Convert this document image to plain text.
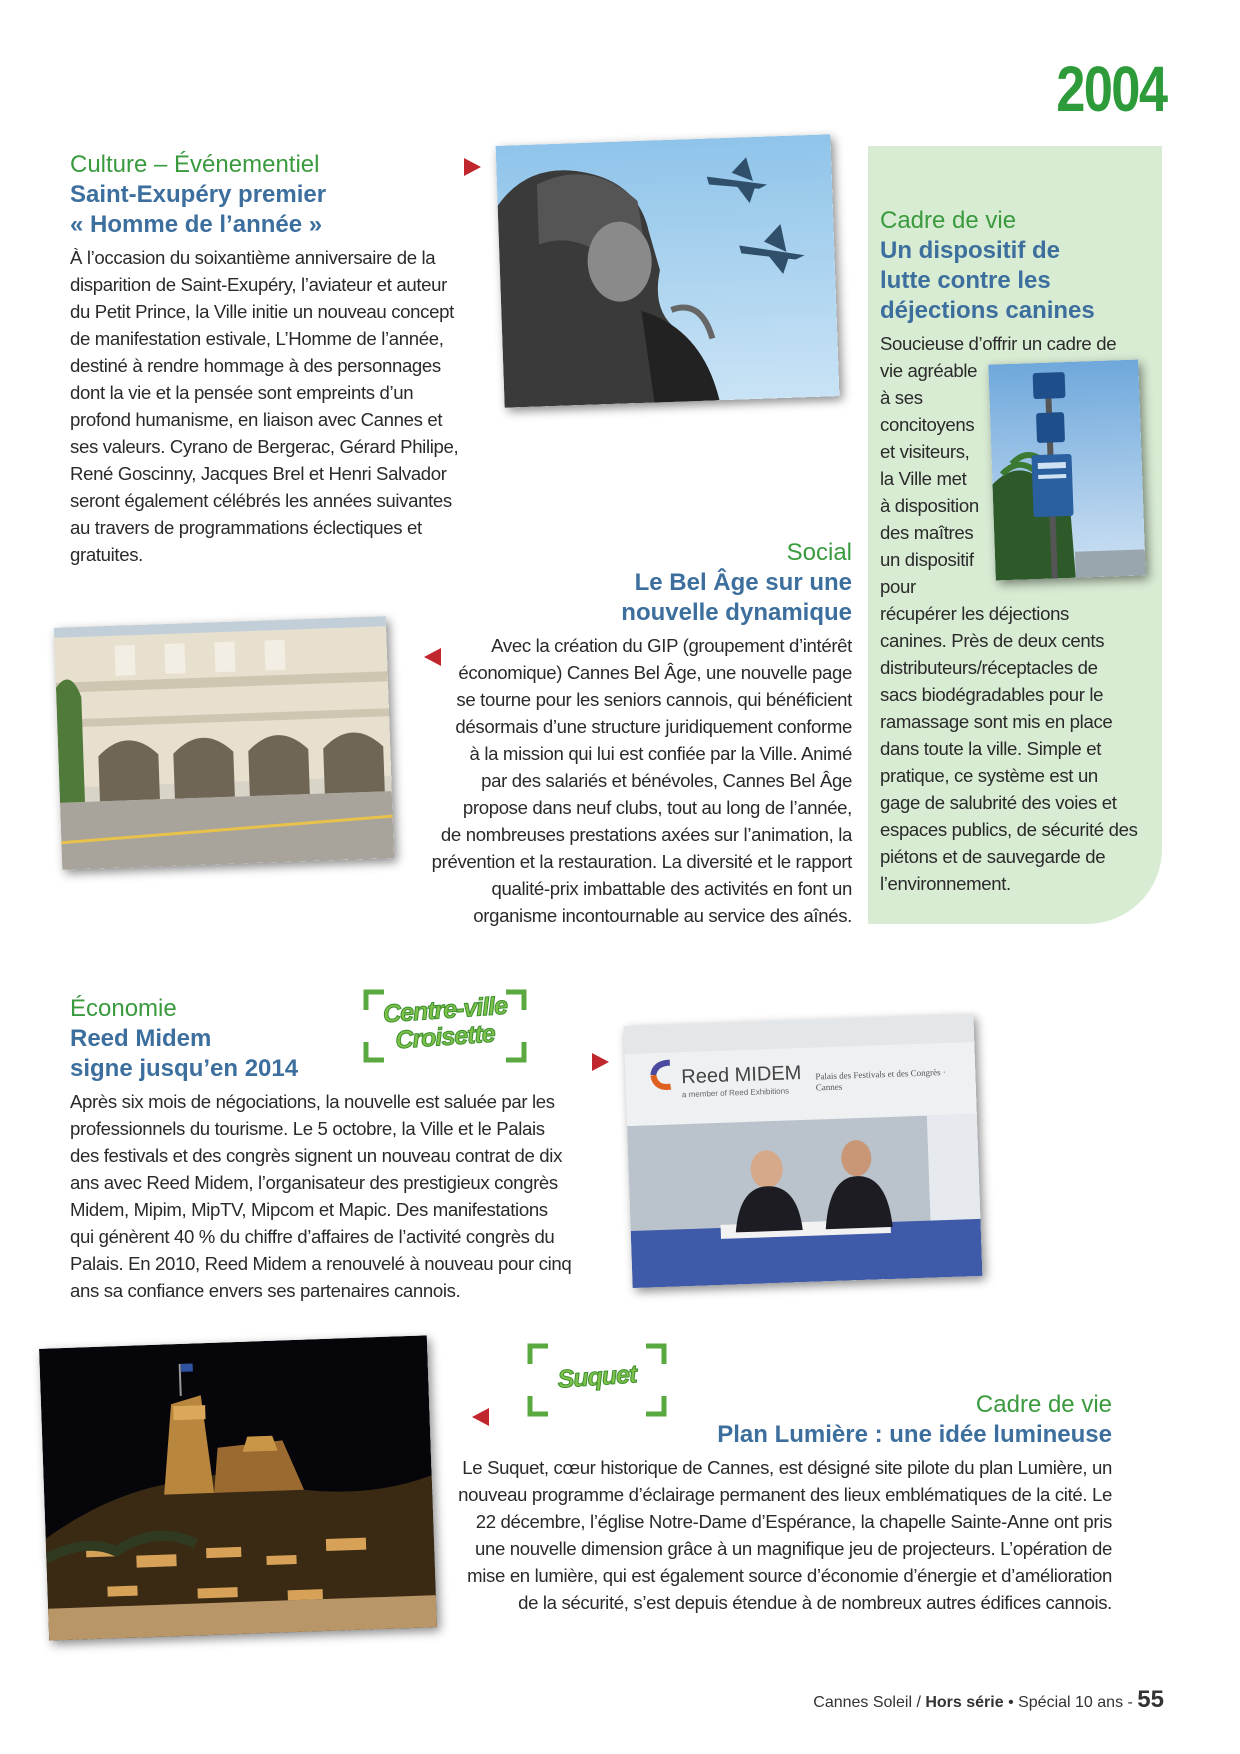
2004
Culture – Événementiel
Saint-Exupéry premier
« Homme de l’année »
À l’occasion du soixantième anniversaire de la
disparition de Saint-Exupéry, l’aviateur et auteur
du Petit Prince, la Ville initie un nouveau concept
de manifestation estivale, L’Homme de l’année,
destiné à rendre hommage à des personnages
dont la vie et la pensée sont empreints d’un
profond humanisme, en liaison avec Cannes et
ses valeurs. Cyrano de Bergerac, Gérard Philipe,
René Goscinny, Jacques Brel et Henri Salvador
seront également célébrés les années suivantes
au travers de programmations éclectiques et
gratuites.
Cadre de vie
Un dispositif de
lutte contre les
déjections canines
Soucieuse d’offrir un cadre de
vie agréable
à ses
concitoyens
et visiteurs,
la Ville met
à disposition
des maîtres
un dispositif
pour
récupérer les déjections
canines. Près de deux cents
distributeurs/réceptacles de
sacs biodégradables pour le
ramassage sont mis en place
dans toute la ville. Simple et
pratique, ce système est un
gage de salubrité des voies et
espaces publics, de sécurité des
piétons et de sauvegarde de
l’environnement.
Social
Le Bel Âge sur une
nouvelle dynamique
Avec la création du GIP (groupement d’intérêt
économique) Cannes Bel Âge, une nouvelle page
se tourne pour les seniors cannois, qui bénéficient
désormais d’une structure juridiquement conforme
à la mission qui lui est confiée par la Ville. Animé
par des salariés et bénévoles, Cannes Bel Âge
propose dans neuf clubs, tout au long de l’année,
de nombreuses prestations axées sur l’animation, la
prévention et la restauration. La diversité et le rapport
qualité-prix imbattable des activités en font un
organisme incontournable au service des aînés.
Économie
Reed Midem
signe jusqu’en 2014
Après six mois de négociations, la nouvelle est saluée par les
professionnels du tourisme. Le 5 octobre, la Ville et le Palais
des festivals et des congrès signent un nouveau contrat de dix
ans avec Reed Midem, l’organisateur des prestigieux congrès
Midem, Mipim, MipTV, Mipcom et Mapic. Des manifestations
qui génèrent 40 % du chiffre d’affaires de l’activité congrès du
Palais. En 2010, Reed Midem a renouvelé à nouveau pour cinq
ans sa confiance envers ses partenaires cannois.
Centre-ville
Croisette
Reed MIDEM
a member of Reed Exhibitions
Palais des Festivals et des Congrès · Cannes
Suquet
Cadre de vie
Plan Lumière : une idée lumineuse
Le Suquet, cœur historique de Cannes, est désigné site pilote du plan Lumière, un
nouveau programme d’éclairage permanent des lieux emblématiques de la cité. Le
22 décembre, l’église Notre-Dame d’Espérance, la chapelle Sainte-Anne ont pris
une nouvelle dimension grâce à un magnifique jeu de projecteurs. L’opération de
mise en lumière, qui est également source d’économie d’énergie et d’amélioration
de la sécurité, s’est depuis étendue à de nombreux autres édifices cannois.
Cannes Soleil / Hors série • Spécial 10 ans - 55
